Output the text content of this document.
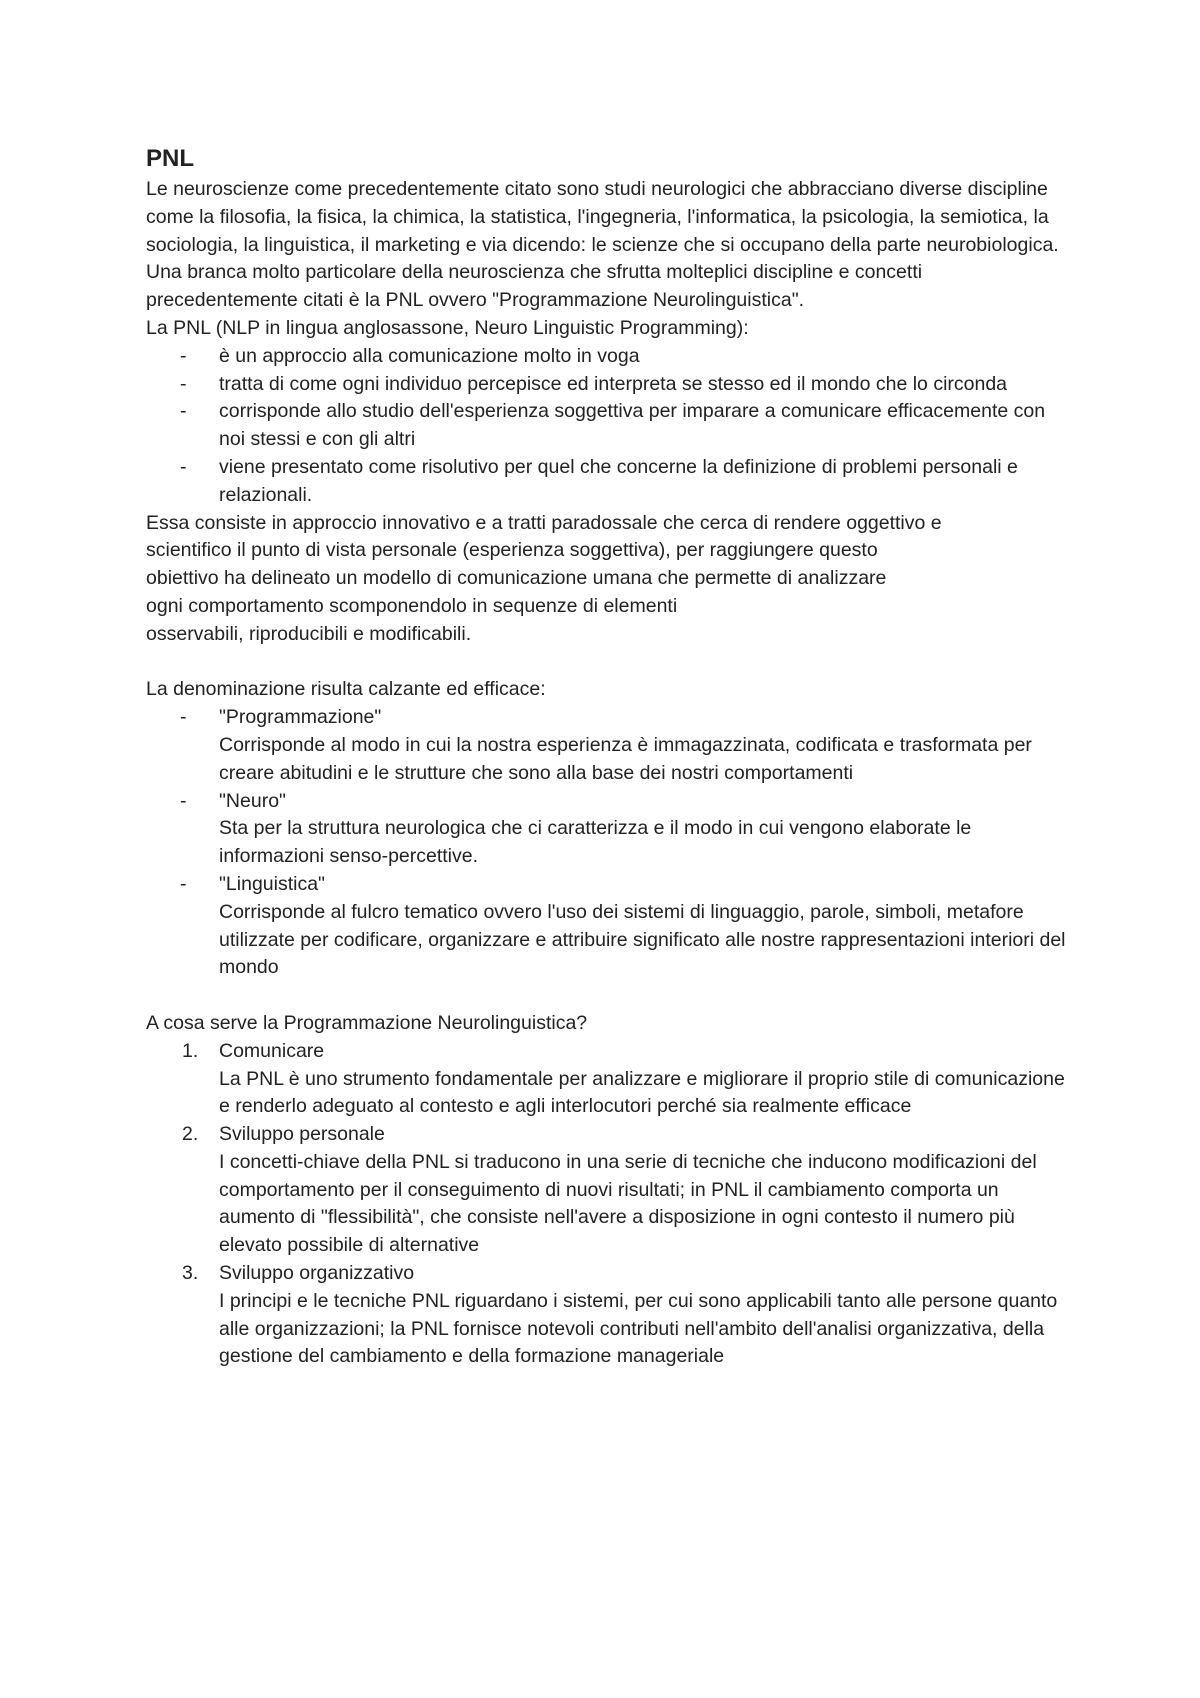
PNL

Le neuroscienze come precedentemente citato sono studi neurologici che abbracciano diverse discipline come la filosofia, la fisica, la chimica, la statistica, l'ingegneria, l'informatica, la psicologia, la semiotica, la sociologia, la linguistica, il marketing e via dicendo: le scienze che si occupano della parte neurobiologica. Una branca molto particolare della neuroscienza che sfrutta molteplici discipline e concetti precedentemente citati è la PNL ovvero "Programmazione Neurolinguistica".

La PNL (NLP in lingua anglosassone, Neuro Linguistic Programming):

- è un approccio alla comunicazione molto in voga
- tratta di come ogni individuo percepisce ed interpreta se stesso ed il mondo che lo circonda
- corrisponde allo studio dell'esperienza soggettiva per imparare a comunicare efficacemente con noi stessi e con gli altri
- viene presentato come risolutivo per quel che concerne la definizione di problemi personali e relazionali.

Essa consiste in approccio innovativo e a tratti paradossale che cerca di rendere oggettivo e

scientifico il punto di vista personale (esperienza soggettiva), per raggiungere questo

obiettivo ha delineato un modello di comunicazione umana che permette di analizzare

ogni comportamento scomponendolo in sequenze di elementi

osservabili, riproducibili e modificabili.

La denominazione risulta calzante ed efficace:

- "Programmazione"
Corrisponde al modo in cui la nostra esperienza è immagazzinata, codificata e trasformata per creare abitudini e le strutture che sono alla base dei nostri comportamenti
- "Neuro"
Sta per la struttura neurologica che ci caratterizza e il modo in cui vengono elaborate le informazioni senso-percettive.
- "Linguistica"
Corrisponde al fulcro tematico ovvero l'uso dei sistemi di linguaggio, parole, simboli, metafore utilizzate per codificare, organizzare e attribuire significato alle nostre rappresentazioni interiori del mondo

A cosa serve la Programmazione Neurolinguistica?

1. Comunicare
La PNL è uno strumento fondamentale per analizzare e migliorare il proprio stile di comunicazione e renderlo adeguato al contesto e agli interlocutori perché sia realmente efficace
2. Sviluppo personale
I concetti-chiave della PNL si traducono in una serie di tecniche che inducono modificazioni del comportamento per il conseguimento di nuovi risultati; in PNL il cambiamento comporta un aumento di "flessibilità", che consiste nell'avere a disposizione in ogni contesto il numero più elevato possibile di alternative
3. Sviluppo organizzativo
I principi e le tecniche PNL riguardano i sistemi, per cui sono applicabili tanto alle persone quanto alle organizzazioni; la PNL fornisce notevoli contributi nell'ambito dell'analisi organizzativa, della gestione del cambiamento e della formazione manageriale
